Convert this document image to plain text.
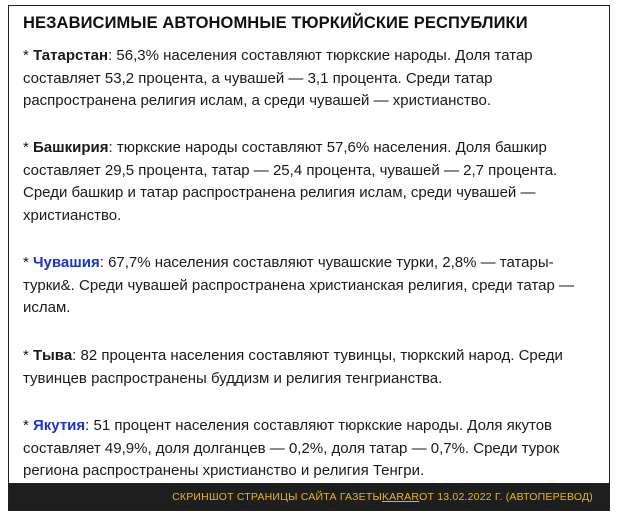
НЕЗАВИСИМЫЕ АВТОНОМНЫЕ ТЮРКИЙСКИЕ РЕСПУБЛИКИ

* Татарстан: 56,3% населения составляют тюркские народы. Доля татар составляет 53,2 процента, а чувашей — 3,1 процента. Среди татар распространена религия ислам, а среди чувашей — христианство.

* Башкирия: тюркские народы составляют 57,6% населения. Доля башкир составляет 29,5 процента, татар — 25,4 процента, чувашей — 2,7 процента. Среди башкир и татар распространена религия ислам, среди чувашей — христианство.

* Чувашия: 67,7% населения составляют чувашские турки, 2,8% — татары-турки&. Среди чувашей распространена христианская религия, среди татар — ислам.

* Тыва: 82 процента населения составляют тувинцы, тюркский народ. Среди тувинцев распространены буддизм и религия тенгрианства.

* Якутия: 51 процент населения составляют тюркские народы. Доля якутов составляет 49,9%, доля долганцев — 0,2%, доля татар — 0,7%. Среди турок региона распространены христианство и религия Тенгри.

СКРИНШОТ СТРАНИЦЫ САЙТА ГАЗЕТЫ KARAR ОТ 13.02.2022 Г. (АВТОПЕРЕВОД)
